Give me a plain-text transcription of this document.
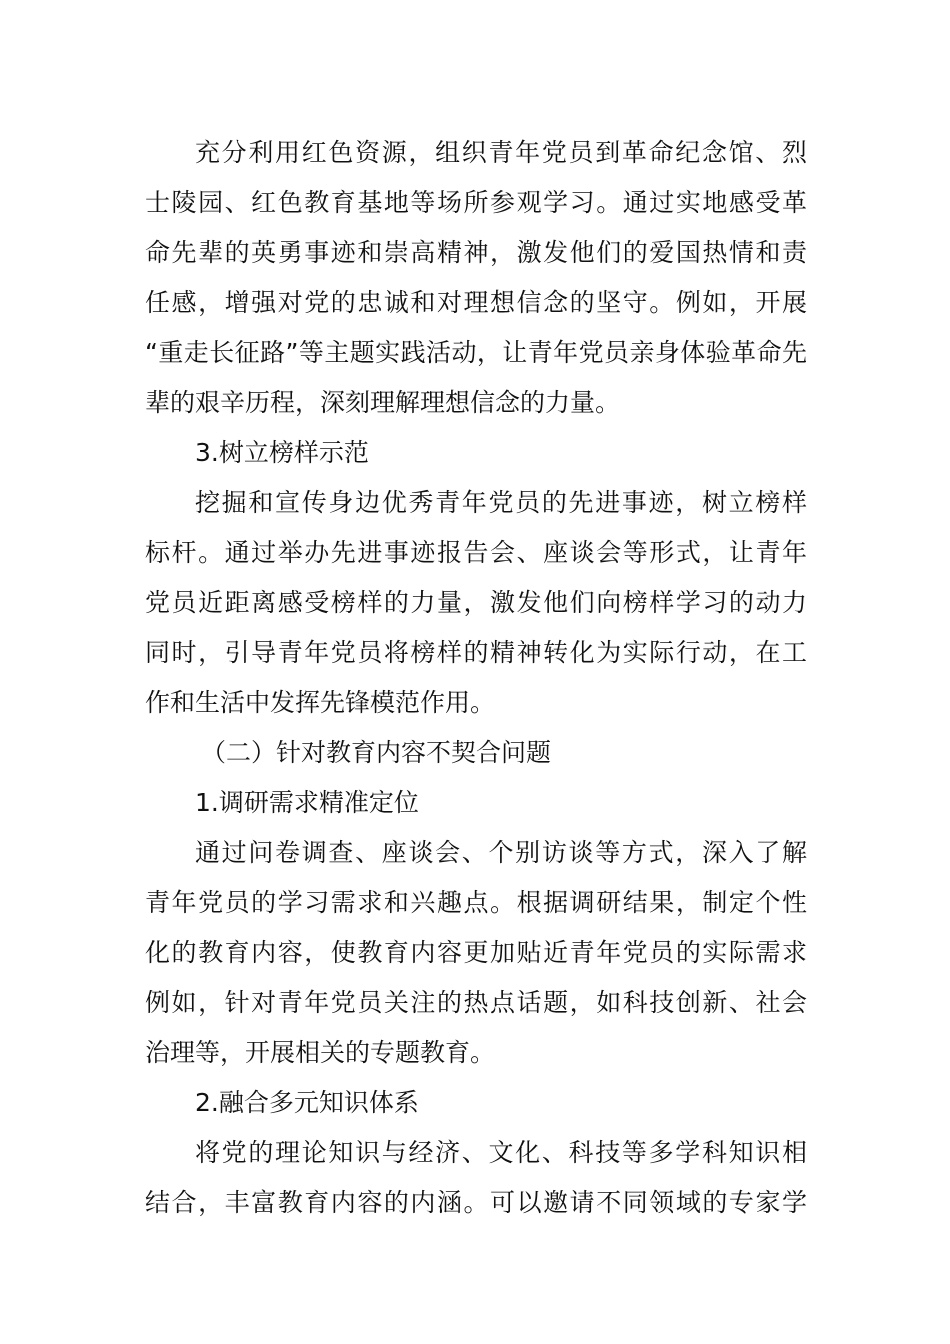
充分利用红色资源，组织青年党员到革命纪念馆、烈
士陵园、红色教育基地等场所参观学习。通过实地感受革
命先辈的英勇事迹和崇高精神，激发他们的爱国热情和责
任感，增强对党的忠诚和对理想信念的坚守。例如，开展
“重走长征路”等主题实践活动，让青年党员亲身体验革命先
辈的艰辛历程，深刻理解理想信念的力量。
3.树立榜样示范
挖掘和宣传身边优秀青年党员的先进事迹，树立榜样
标杆。通过举办先进事迹报告会、座谈会等形式，让青年
党员近距离感受榜样的力量，激发他们向榜样学习的动力
同时，引导青年党员将榜样的精神转化为实际行动，在工
作和生活中发挥先锋模范作用。
（二）针对教育内容不契合问题
1.调研需求精准定位
通过问卷调查、座谈会、个别访谈等方式，深入了解
青年党员的学习需求和兴趣点。根据调研结果，制定个性
化的教育内容，使教育内容更加贴近青年党员的实际需求
例如，针对青年党员关注的热点话题，如科技创新、社会
治理等，开展相关的专题教育。
2.融合多元知识体系
将党的理论知识与经济、文化、科技等多学科知识相
结合，丰富教育内容的内涵。可以邀请不同领域的专家学
